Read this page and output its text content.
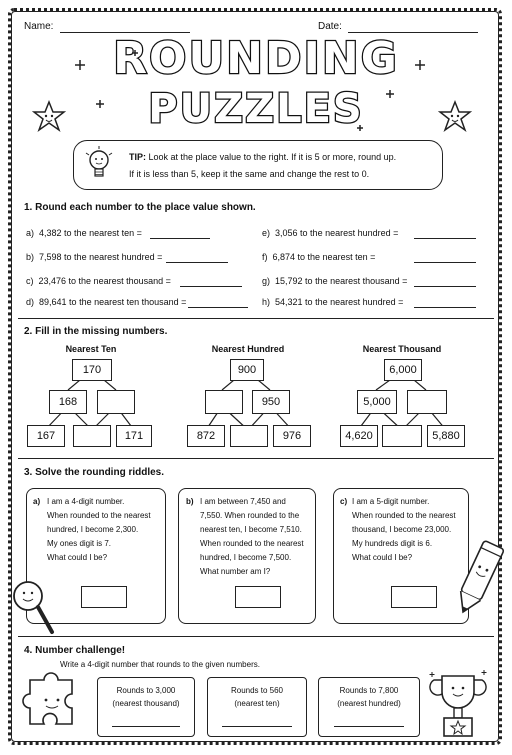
Name:	Date:
ROUNDING
PUZZLES
TIP: Look at the place value to the right. If it is 5 or more, round up.
If it is less than 5, keep it the same and change the rest to 0.
1. Round each number to the place value shown.
a) 4,382 to the nearest ten =
b) 7,598 to the nearest hundred =
c) 23,476 to the nearest thousand =
d) 89,641 to the nearest ten thousand =
e) 3,056 to the nearest hundred =
f) 6,874 to the nearest ten =
g) 15,792 to the nearest thousand =
h) 54,321 to the nearest hundred =
2. Fill in the missing numbers.
Nearest Ten
170
168
167	171
Nearest Hundred
900
950
872	976
Nearest Thousand
6,000
5,000
4,620	5,880
3. Solve the rounding riddles.
a) I am a 4-digit number.
When rounded to the nearest
hundred, I become 2,300.
My ones digit is 7.
What could I be?
b) I am between 7,450 and
7,550. When rounded to the
nearest ten, I become 7,510.
When rounded to the nearest
hundred, I become 7,500.
What number am I?
c) I am a 5-digit number.
When rounded to the nearest
thousand, I become 23,000.
My hundreds digit is 6.
What could I be?
4. Number challenge!
Write a 4-digit number that rounds to the given numbers.
Rounds to 3,000
(nearest thousand)
Rounds to 560
(nearest ten)
Rounds to 7,800
(nearest hundred)
